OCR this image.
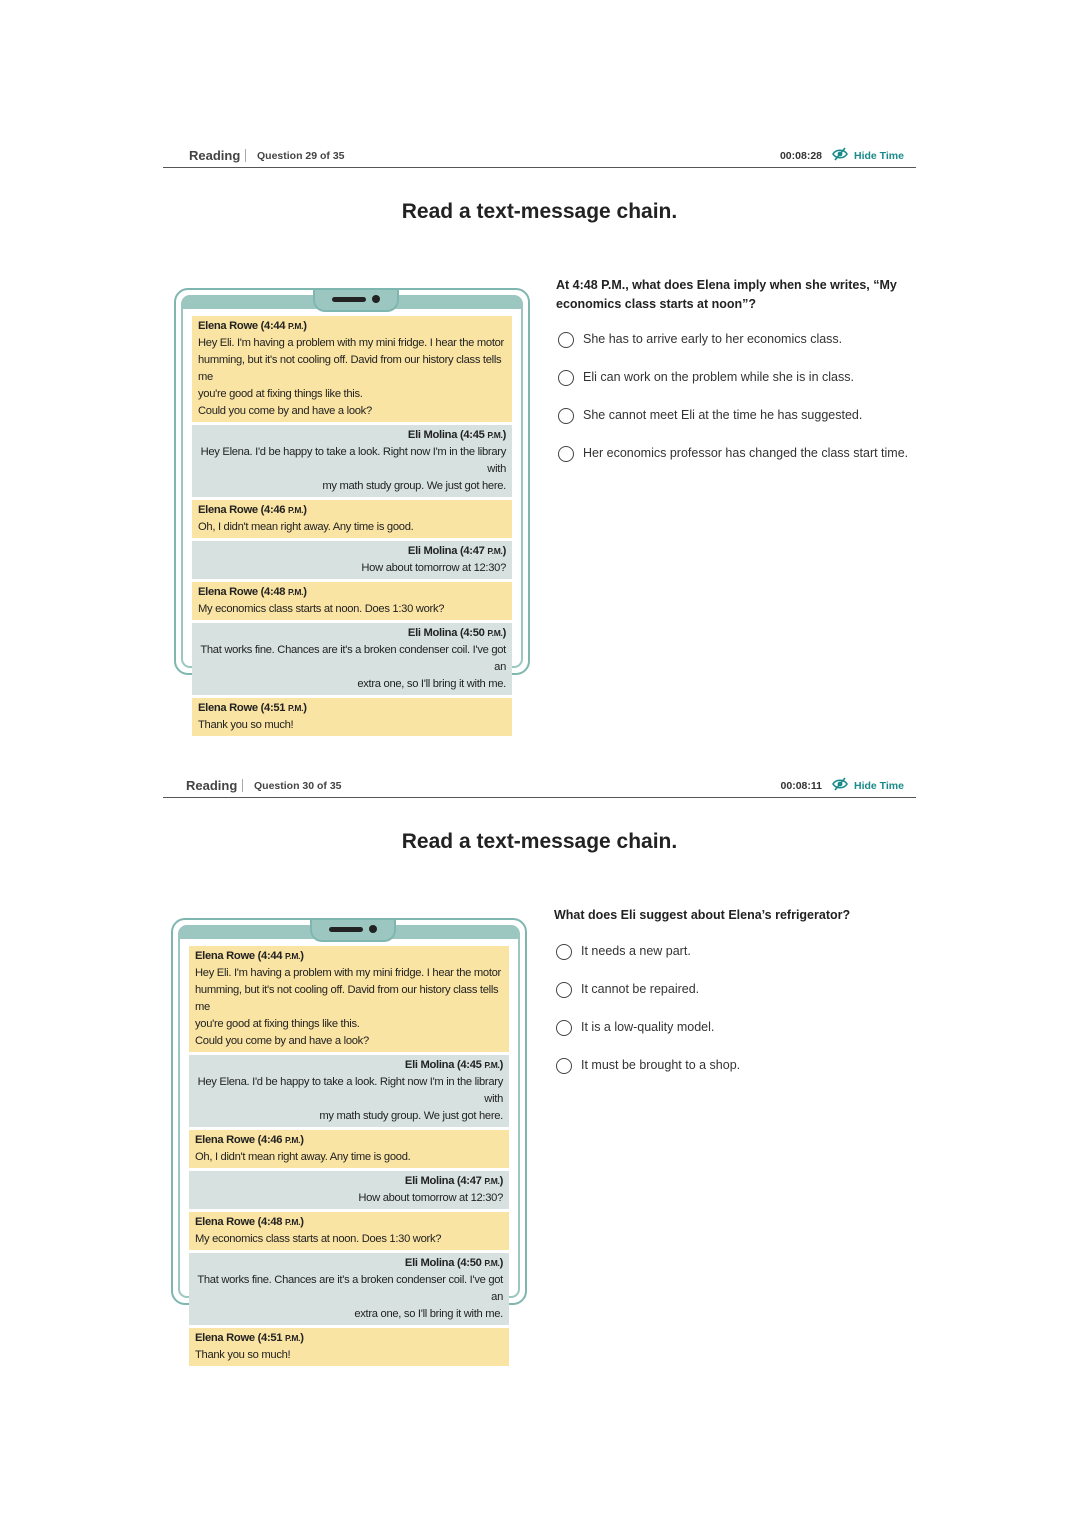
Reading Question 29 of 35	00:08:28	Hide Time
Read a text-message chain.
Elena Rowe (4:44 P.M.)
Hey Eli. I'm having a problem with my mini fridge. I hear the motor
humming, but it's not cooling off. David from our history class tells me
you're good at fixing things like this.
Could you come by and have a look?
Eli Molina (4:45 P.M.)
Hey Elena. I'd be happy to take a look. Right now I'm in the library with
my math study group. We just got here.
Elena Rowe (4:46 P.M.)
Oh, I didn't mean right away. Any time is good.
Eli Molina (4:47 P.M.)
How about tomorrow at 12:30?
Elena Rowe (4:48 P.M.)
My economics class starts at noon. Does 1:30 work?
Eli Molina (4:50 P.M.)
That works fine. Chances are it's a broken condenser coil. I've got an
extra one, so I'll bring it with me.
Elena Rowe (4:51 P.M.)
Thank you so much!
At 4:48 P.M., what does Elena imply when she writes, “My economics class starts at noon”?
She has to arrive early to her economics class.
Eli can work on the problem while she is in class.
She cannot meet Eli at the time he has suggested.
Her economics professor has changed the class start time.
Reading Question 30 of 35	00:08:11	Hide Time
Read a text-message chain.
Elena Rowe (4:44 P.M.)
Hey Eli. I'm having a problem with my mini fridge. I hear the motor
humming, but it's not cooling off. David from our history class tells me
you're good at fixing things like this.
Could you come by and have a look?
Eli Molina (4:45 P.M.)
Hey Elena. I'd be happy to take a look. Right now I'm in the library with
my math study group. We just got here.
Elena Rowe (4:46 P.M.)
Oh, I didn't mean right away. Any time is good.
Eli Molina (4:47 P.M.)
How about tomorrow at 12:30?
Elena Rowe (4:48 P.M.)
My economics class starts at noon. Does 1:30 work?
Eli Molina (4:50 P.M.)
That works fine. Chances are it's a broken condenser coil. I've got an
extra one, so I'll bring it with me.
Elena Rowe (4:51 P.M.)
Thank you so much!
What does Eli suggest about Elena’s refrigerator?
It needs a new part.
It cannot be repaired.
It is a low-quality model.
It must be brought to a shop.
